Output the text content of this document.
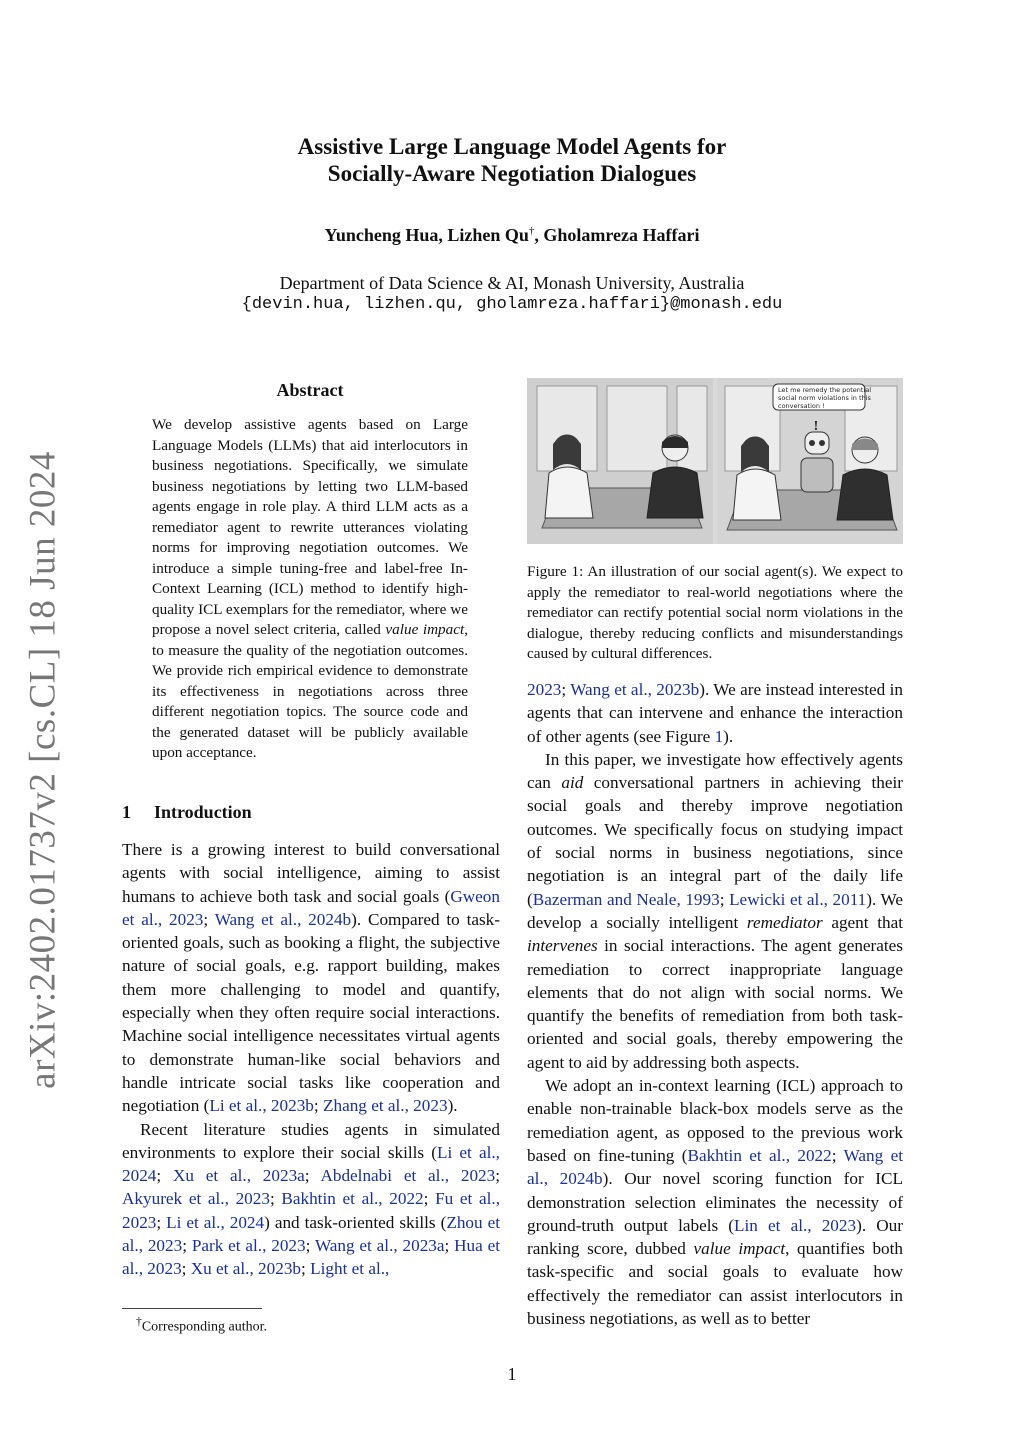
arXiv:2402.01737v2 [cs.CL] 18 Jun 2024
Assistive Large Language Model Agents for
Socially-Aware Negotiation Dialogues
Yuncheng Hua, Lizhen Qu†, Gholamreza Haffari
Department of Data Science & AI, Monash University, Australia
{devin.hua, lizhen.qu, gholamreza.haffari}@monash.edu
Abstract
We develop assistive agents based on Large Language Models (LLMs) that aid interlocutors in business negotiations. Specifically, we simulate business negotiations by letting two LLM-based agents engage in role play. A third LLM acts as a remediator agent to rewrite utterances violating norms for improving negotiation outcomes. We introduce a simple tuning-free and label-free In-Context Learning (ICL) method to identify high-quality ICL exemplars for the remediator, where we propose a novel select criteria, called value impact, to measure the quality of the negotiation outcomes. We provide rich empirical evidence to demonstrate its effectiveness in negotiations across three different negotiation topics. The source code and the generated dataset will be publicly available upon acceptance.
1 Introduction

There is a growing interest to build conversational agents with social intelligence, aiming to assist humans to achieve both task and social goals (Gweon et al., 2023; Wang et al., 2024b). Compared to task-oriented goals, such as booking a flight, the subjective nature of social goals, e.g. rapport building, makes them more challenging to model and quantify, especially when they often require social interactions. Machine social intelligence necessitates virtual agents to demonstrate human-like social behaviors and handle intricate social tasks like cooperation and negotiation (Li et al., 2023b; Zhang et al., 2023).

Recent literature studies agents in simulated environments to explore their social skills (Li et al., 2024; Xu et al., 2023a; Abdelnabi et al., 2023; Akyurek et al., 2023; Bakhtin et al., 2022; Fu et al., 2023; Li et al., 2024) and task-oriented skills (Zhou et al., 2023; Park et al., 2023; Wang et al., 2023a; Hua et al., 2023; Xu et al., 2023b; Light et al.,

!
Let me remedy the potential
social norm violations in this
conversation !
Figure 1: An illustration of our social agent(s). We expect to apply the remediator to real-world negotiations where the remediator can rectify potential social norm violations in the dialogue, thereby reducing conflicts and misunderstandings caused by cultural differences.

2023; Wang et al., 2023b). We are instead interested in agents that can intervene and enhance the interaction of other agents (see Figure 1).

In this paper, we investigate how effectively agents can aid conversational partners in achieving their social goals and thereby improve negotiation outcomes. We specifically focus on studying impact of social norms in business negotiations, since negotiation is an integral part of the daily life (Bazerman and Neale, 1993; Lewicki et al., 2011). We develop a socially intelligent remediator agent that intervenes in social interactions. The agent generates remediation to correct inappropriate language elements that do not align with social norms. We quantify the benefits of remediation from both task-oriented and social goals, thereby empowering the agent to aid by addressing both aspects.

We adopt an in-context learning (ICL) approach to enable non-trainable black-box models serve as the remediation agent, as opposed to the previous work based on fine-tuning (Bakhtin et al., 2022; Wang et al., 2024b). Our novel scoring function for ICL demonstration selection eliminates the necessity of ground-truth output labels (Lin et al., 2023). Our ranking score, dubbed value impact, quantifies both task-specific and social goals to evaluate how effectively the remediator can assist interlocutors in business negotiations, as well as to better

†Corresponding author.
1
